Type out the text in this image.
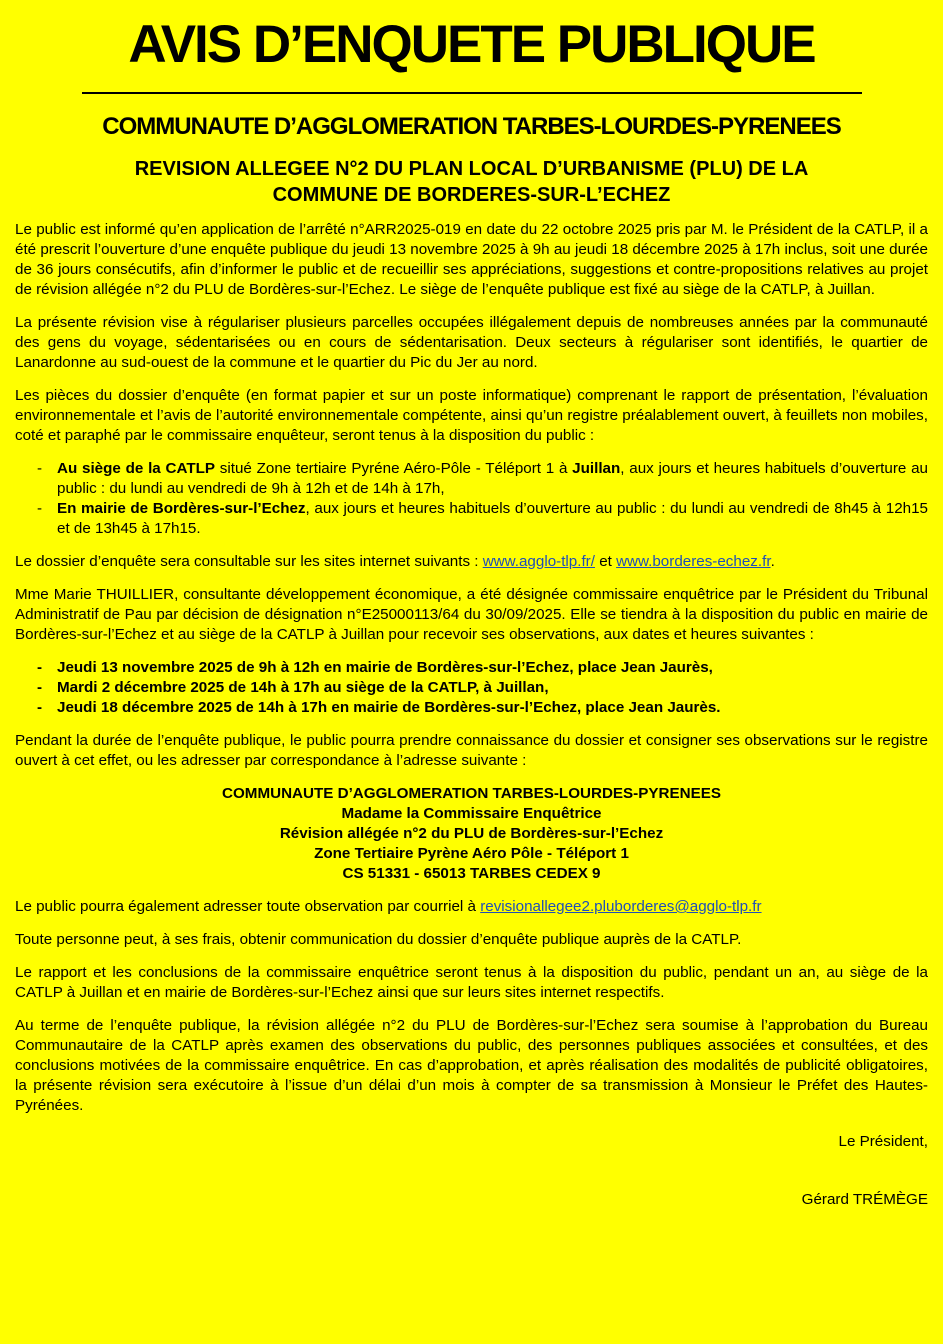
AVIS D’ENQUETE PUBLIQUE
COMMUNAUTE D’AGGLOMERATION TARBES-LOURDES-PYRENEES
REVISION ALLEGEE N°2 DU PLAN LOCAL D’URBANISME (PLU) DE LA
COMMUNE DE BORDERES-SUR-L’ECHEZ

Le public est informé qu’en application de l’arrêté n°ARR2025-019 en date du 22 octobre 2025 pris par M. le Président de la CATLP, il a été prescrit l’ouverture d’une enquête publique du jeudi 13 novembre 2025 à 9h au jeudi 18 décembre 2025 à 17h inclus, soit une durée de 36 jours consécutifs, afin d’informer le public et de recueillir ses appréciations, suggestions et contre-propositions relatives au projet de révision allégée n°2 du PLU de Bordères-sur-l’Echez. Le siège de l’enquête publique est fixé au siège de la CATLP, à Juillan.

La présente révision vise à régulariser plusieurs parcelles occupées illégalement depuis de nombreuses années par la communauté des gens du voyage, sédentarisées ou en cours de sédentarisation. Deux secteurs à régulariser sont identifiés, le quartier de Lanardonne au sud-ouest de la commune et le quartier du Pic du Jer au nord.

Les pièces du dossier d’enquête (en format papier et sur un poste informatique) comprenant le rapport de présentation, l’évaluation environnementale et l’avis de l’autorité environnementale compétente, ainsi qu’un registre préalablement ouvert, à feuillets non mobiles, coté et paraphé par le commissaire enquêteur, seront tenus à la disposition du public :

- Au siège de la CATLP situé Zone tertiaire Pyréne Aéro-Pôle - Téléport 1 à Juillan, aux jours et heures habituels d’ouverture au public : du lundi au vendredi de 9h à 12h et de 14h à 17h,
- En mairie de Bordères-sur-l’Echez, aux jours et heures habituels d’ouverture au public : du lundi au vendredi de 8h45 à 12h15 et de 13h45 à 17h15.

Le dossier d’enquête sera consultable sur les sites internet suivants : www.agglo-tlp.fr/ et www.borderes-echez.fr.

Mme Marie THUILLIER, consultante développement économique, a été désignée commissaire enquêtrice par le Président du Tribunal Administratif de Pau par décision de désignation n°E25000113/64 du 30/09/2025. Elle se tiendra à la disposition du public en mairie de Bordères-sur-l’Echez et au siège de la CATLP à Juillan pour recevoir ses observations, aux dates et heures suivantes :

- Jeudi 13 novembre 2025 de 9h à 12h en mairie de Bordères-sur-l’Echez, place Jean Jaurès,
- Mardi 2 décembre 2025 de 14h à 17h au siège de la CATLP, à Juillan,
- Jeudi 18 décembre 2025 de 14h à 17h en mairie de Bordères-sur-l’Echez, place Jean Jaurès.

Pendant la durée de l’enquête publique, le public pourra prendre connaissance du dossier et consigner ses observations sur le registre ouvert à cet effet, ou les adresser par correspondance à l’adresse suivante :

COMMUNAUTE D’AGGLOMERATION TARBES-LOURDES-PYRENEES
Madame la Commissaire Enquêtrice
Révision allégée n°2 du PLU de Bordères-sur-l’Echez
Zone Tertiaire Pyrène Aéro Pôle - Téléport 1
CS 51331 - 65013 TARBES CEDEX 9

Le public pourra également adresser toute observation par courriel à revisionallegee2.pluborderes@agglo-tlp.fr

Toute personne peut, à ses frais, obtenir communication du dossier d’enquête publique auprès de la CATLP.

Le rapport et les conclusions de la commissaire enquêtrice seront tenus à la disposition du public, pendant un an, au siège de la CATLP à Juillan et en mairie de Bordères-sur-l’Echez ainsi que sur leurs sites internet respectifs.

Au terme de l’enquête publique, la révision allégée n°2 du PLU de Bordères-sur-l’Echez sera soumise à l’approbation du Bureau Communautaire de la CATLP après examen des observations du public, des personnes publiques associées et consultées, et des conclusions motivées de la commissaire enquêtrice. En cas d’approbation, et après réalisation des modalités de publicité obligatoires, la présente révision sera exécutoire à l’issue d’un délai d’un mois à compter de sa transmission à Monsieur le Préfet des Hautes-Pyrénées.

Le Président,
Gérard TRÉMÈGE
